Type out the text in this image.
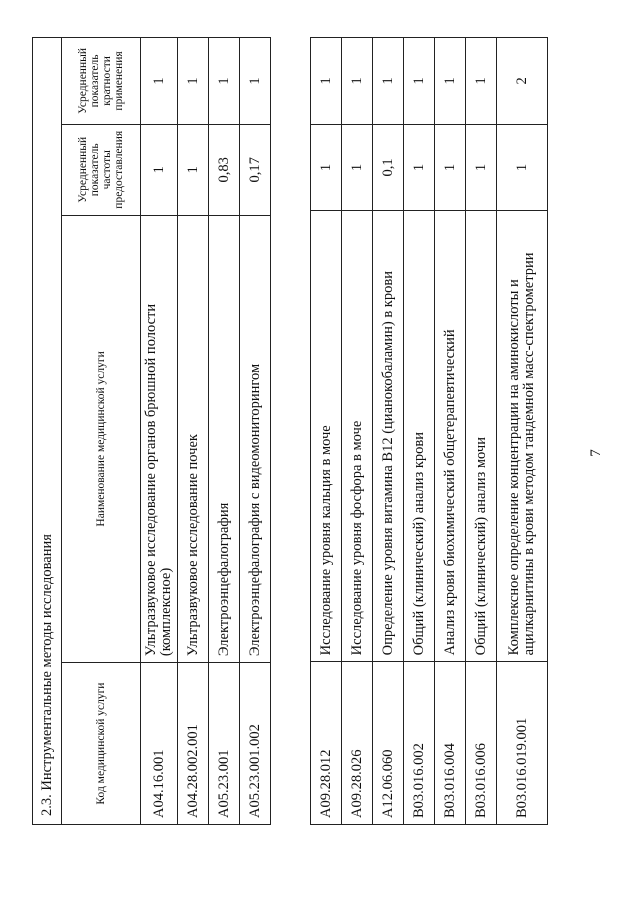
7
A09.28.012	Исследование уровня кальция в моче	1	1
A09.28.026	Исследование уровня фосфора в моче	1	1
A12.06.060	Определение уровня витамина В12 (цианокобаламин) в крови	0,1	1
B03.016.002	Общий (клинический) анализ крови	1	1
B03.016.004	Анализ крови биохимический общетерапевтический	1	1
B03.016.006	Общий (клинический) анализ мочи	1	1
B03.016.019.001	Комплексное определение концентрации на аминокислоты и ацилкарнитины в крови методом тандемной масс-спектрометрии	1	2
2.3. Инструментальные методы исследования			
Код медицинской услуги	Наименование медицинской услуги	Усредненный показатель частоты предоставления	Усредненный показатель кратности применения
A04.16.001	Ультразвуковое исследование органов брюшной полости (комплексное)	1	1
A04.28.002.001	Ультразвуковое исследование почек	1	1
A05.23.001	Электроэнцефалография	0,83	1
A05.23.001.002	Электроэнцефалография с видеомониторингом	0,17	1
